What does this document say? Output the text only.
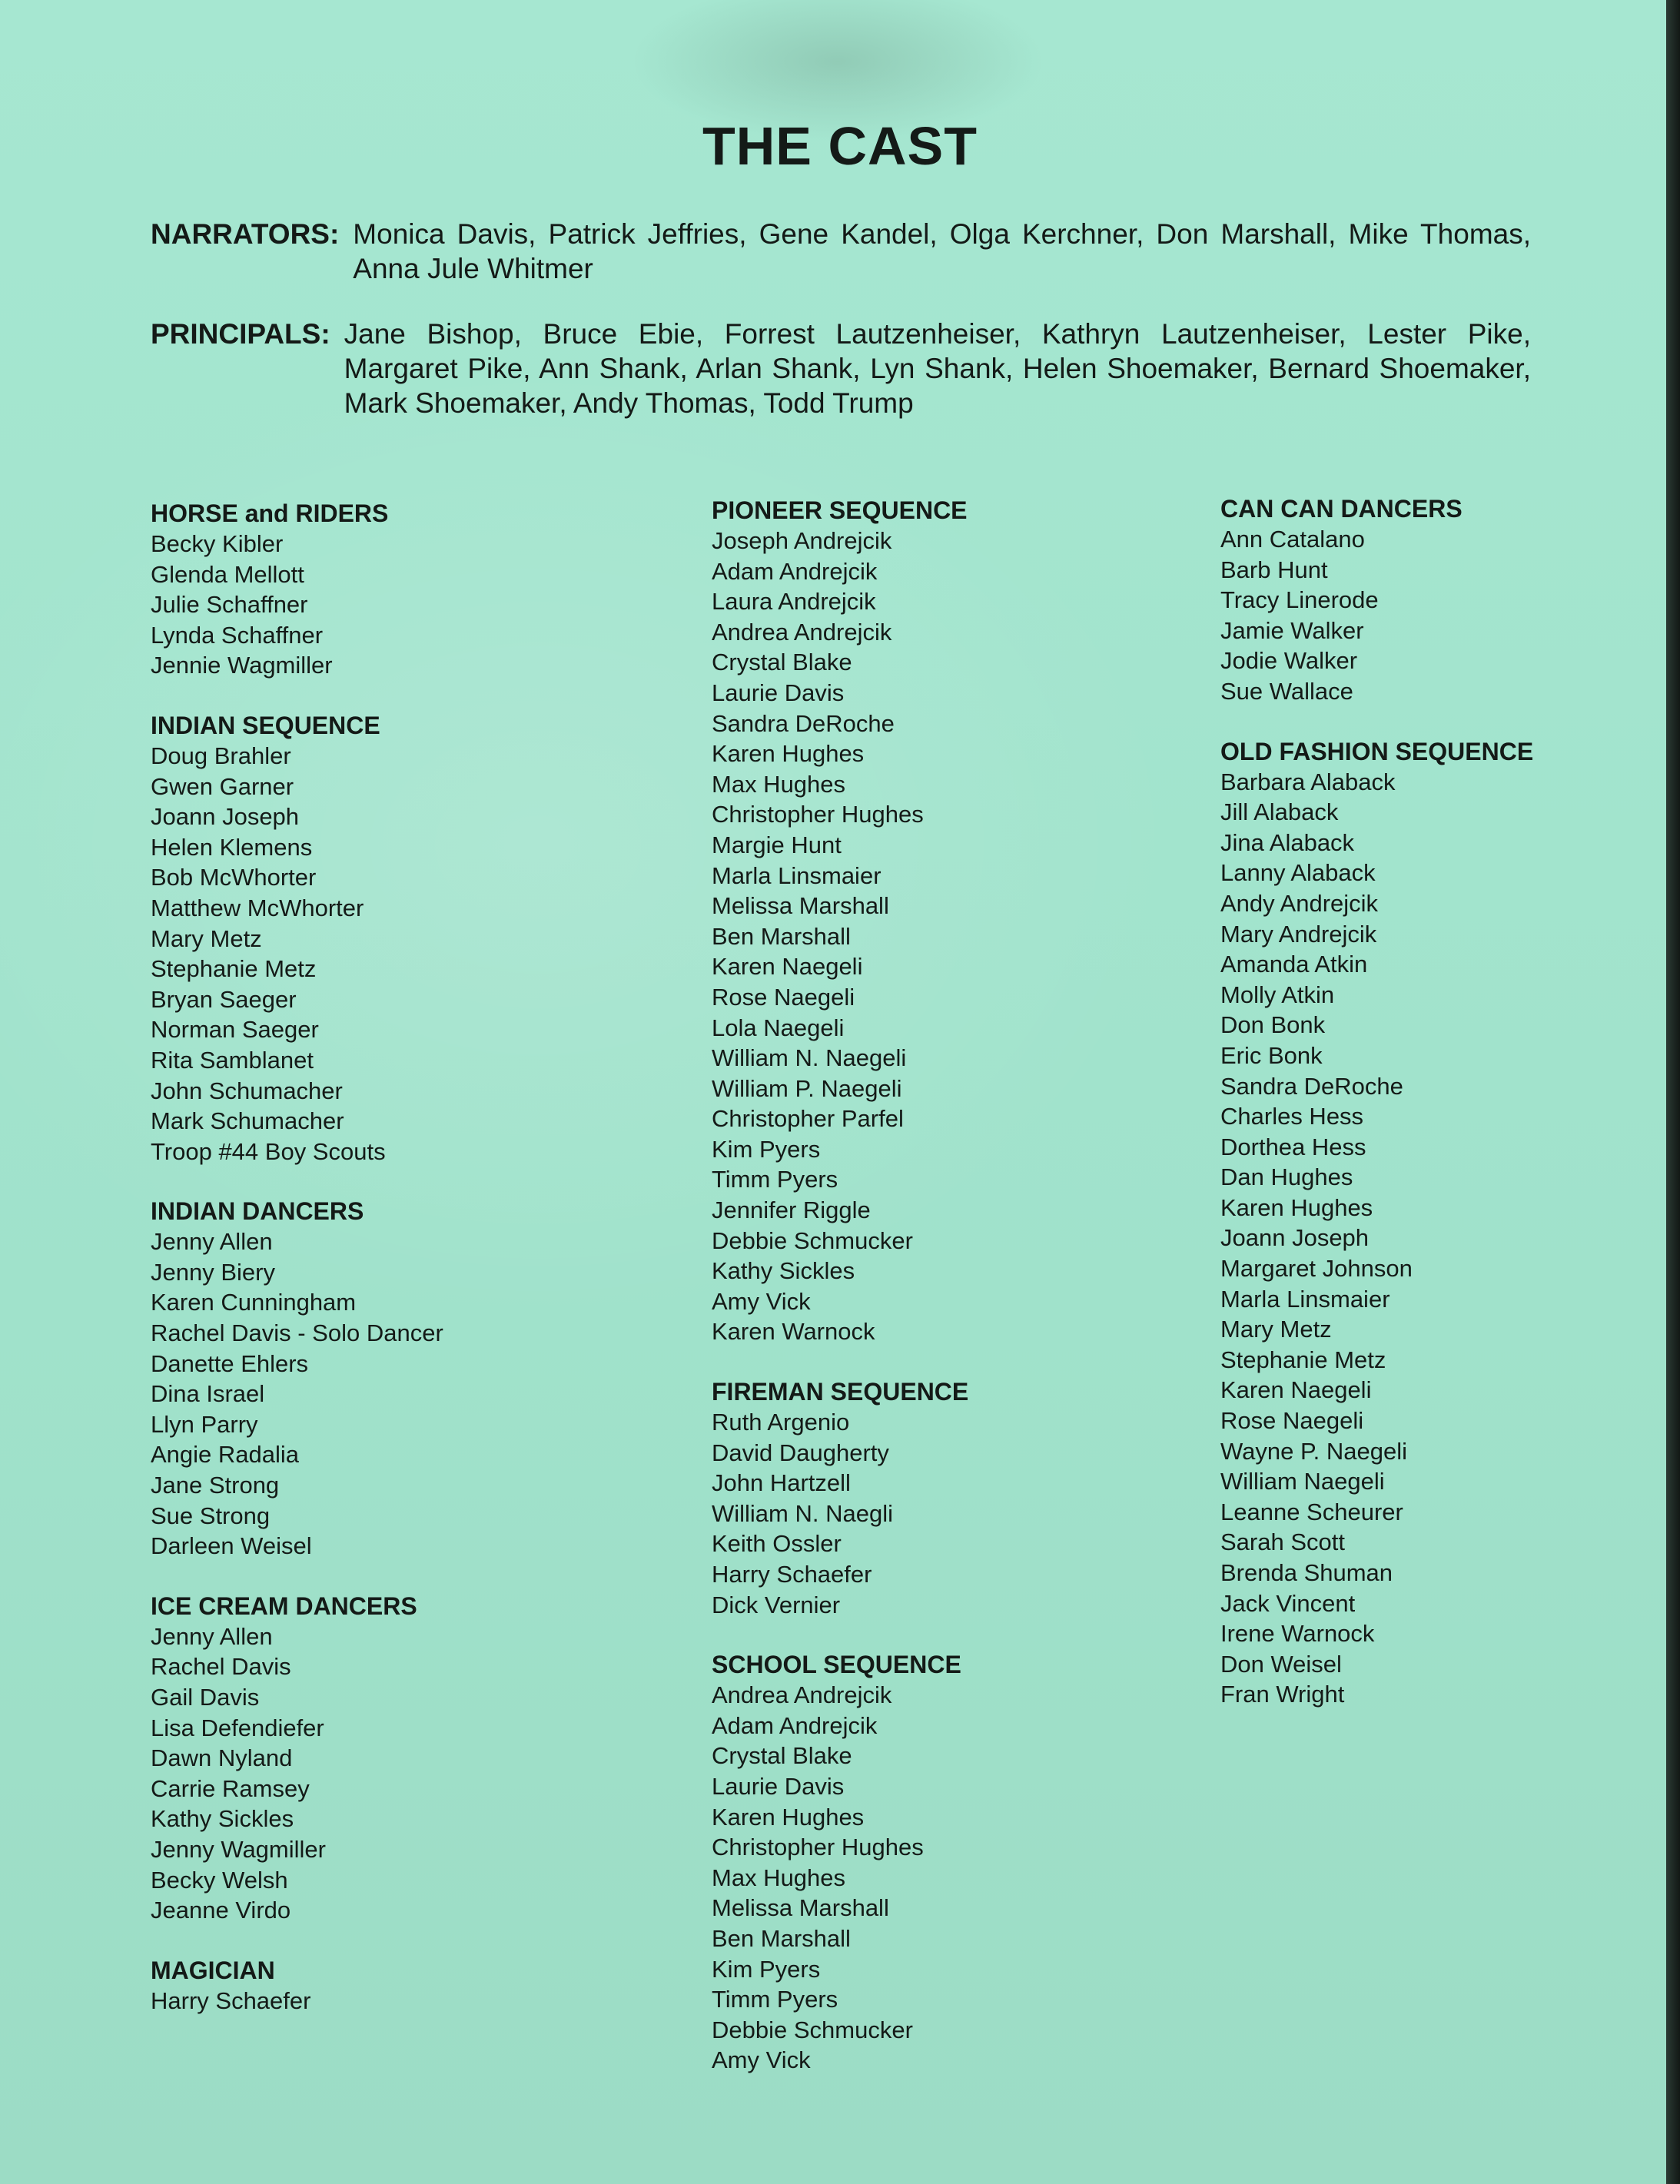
THE CAST

NARRATORS: Monica Davis, Patrick Jeffries, Gene Kandel, Olga Kerchner, Don Marshall, Mike Thomas, Anna Jule Whitmer

PRINCIPALS: Jane Bishop, Bruce Ebie, Forrest Lautzenheiser, Kathryn Lautzenheiser, Lester Pike, Margaret Pike, Ann Shank, Arlan Shank, Lyn Shank, Helen Shoemaker, Bernard Shoemaker, Mark Shoemaker, Andy Thomas, Todd Trump

HORSE and RIDERS
Becky Kibler
Glenda Mellott
Julie Schaffner
Lynda Schaffner
Jennie Wagmiller
INDIAN SEQUENCE
Doug Brahler
Gwen Garner
Joann Joseph
Helen Klemens
Bob McWhorter
Matthew McWhorter
Mary Metz
Stephanie Metz
Bryan Saeger
Norman Saeger
Rita Samblanet
John Schumacher
Mark Schumacher
Troop #44 Boy Scouts
INDIAN DANCERS
Jenny Allen
Jenny Biery
Karen Cunningham
Rachel Davis - Solo Dancer
Danette Ehlers
Dina Israel
Llyn Parry
Angie Radalia
Jane Strong
Sue Strong
Darleen Weisel
ICE CREAM DANCERS
Jenny Allen
Rachel Davis
Gail Davis
Lisa Defendiefer
Dawn Nyland
Carrie Ramsey
Kathy Sickles
Jenny Wagmiller
Becky Welsh
Jeanne Virdo
MAGICIAN
Harry Schaefer
PIONEER SEQUENCE
Joseph Andrejcik
Adam Andrejcik
Laura Andrejcik
Andrea Andrejcik
Crystal Blake
Laurie Davis
Sandra DeRoche
Karen Hughes
Max Hughes
Christopher Hughes
Margie Hunt
Marla Linsmaier
Melissa Marshall
Ben Marshall
Karen Naegeli
Rose Naegeli
Lola Naegeli
William N. Naegeli
William P. Naegeli
Christopher Parfel
Kim Pyers
Timm Pyers
Jennifer Riggle
Debbie Schmucker
Kathy Sickles
Amy Vick
Karen Warnock
FIREMAN SEQUENCE
Ruth Argenio
David Daugherty
John Hartzell
William N. Naegli
Keith Ossler
Harry Schaefer
Dick Vernier
SCHOOL SEQUENCE
Andrea Andrejcik
Adam Andrejcik
Crystal Blake
Laurie Davis
Karen Hughes
Christopher Hughes
Max Hughes
Melissa Marshall
Ben Marshall
Kim Pyers
Timm Pyers
Debbie Schmucker
Amy Vick
CAN CAN DANCERS
Ann Catalano
Barb Hunt
Tracy Linerode
Jamie Walker
Jodie Walker
Sue Wallace
OLD FASHION SEQUENCE
Barbara Alaback
Jill Alaback
Jina Alaback
Lanny Alaback
Andy Andrejcik
Mary Andrejcik
Amanda Atkin
Molly Atkin
Don Bonk
Eric Bonk
Sandra DeRoche
Charles Hess
Dorthea Hess
Dan Hughes
Karen Hughes
Joann Joseph
Margaret Johnson
Marla Linsmaier
Mary Metz
Stephanie Metz
Karen Naegeli
Rose Naegeli
Wayne P. Naegeli
William Naegeli
Leanne Scheurer
Sarah Scott
Brenda Shuman
Jack Vincent
Irene Warnock
Don Weisel
Fran Wright
